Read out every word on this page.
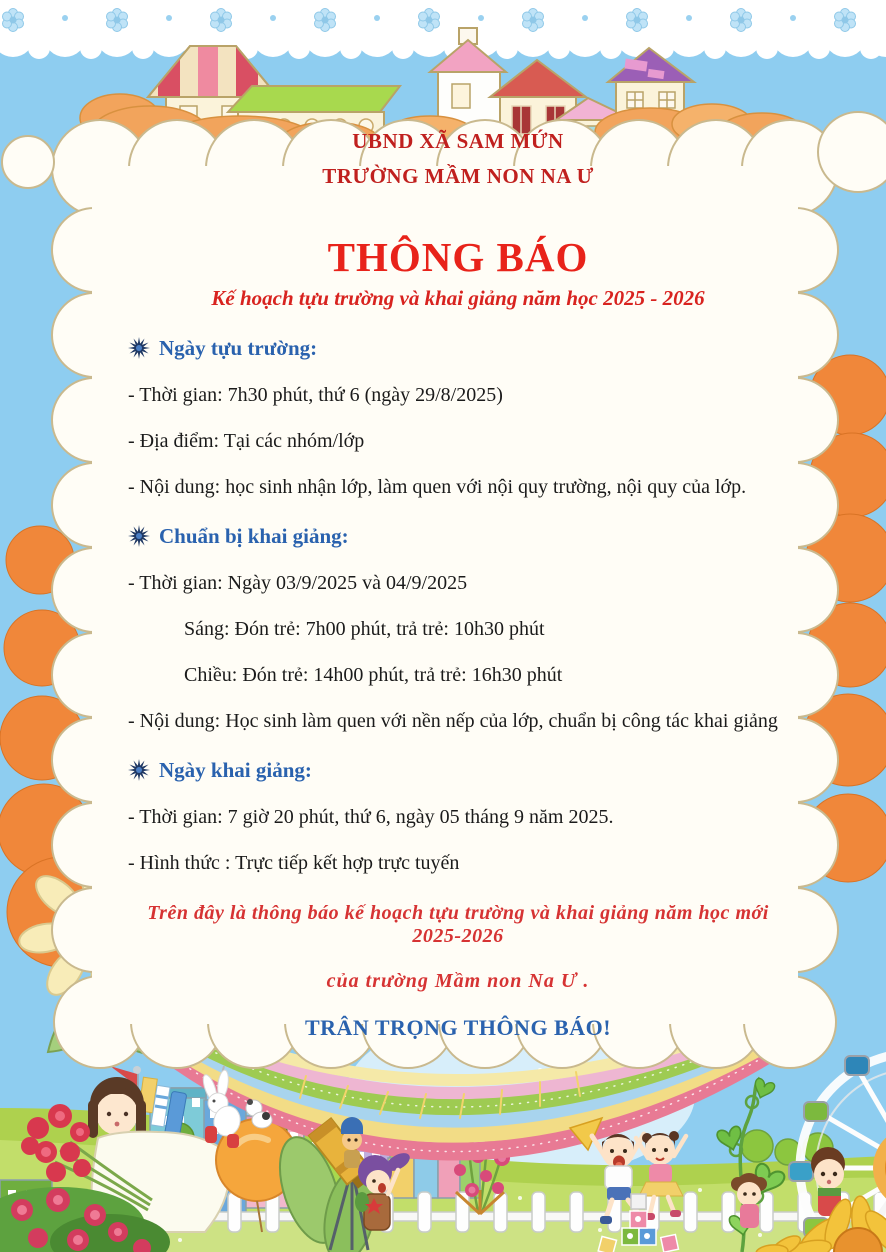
UBND XÃ SAM MỨN
TRƯỜNG MẦM NON NA Ư
THÔNG BÁO
Kế hoạch tựu trường và khai giảng năm học 2025 - 2026
Ngày tựu trường:

- Thời gian: 7h30 phút, thứ 6 (ngày 29/8/2025)

- Địa điểm: Tại các nhóm/lớp

- Nội dung: học sinh nhận lớp, làm quen với nội quy trường, nội quy của lớp.

Chuẩn bị khai giảng:

- Thời gian: Ngày 03/9/2025 và 04/9/2025

Sáng: Đón trẻ: 7h00 phút, trả trẻ: 10h30 phút

Chiều: Đón trẻ: 14h00 phút, trả trẻ: 16h30 phút

- Nội dung: Học sinh làm quen với nền nếp của lớp, chuẩn bị công tác khai giảng

Ngày khai giảng:

- Thời gian: 7 giờ 20 phút, thứ 6, ngày 05 tháng 9 năm 2025.

- Hình thức : Trực tiếp kết hợp trực tuyến

Trên đây là thông báo kế hoạch tựu trường và khai giảng năm học mới 2025-2026
của trường Mầm non Na Ư .
TRÂN TRỌNG THÔNG BÁO!
